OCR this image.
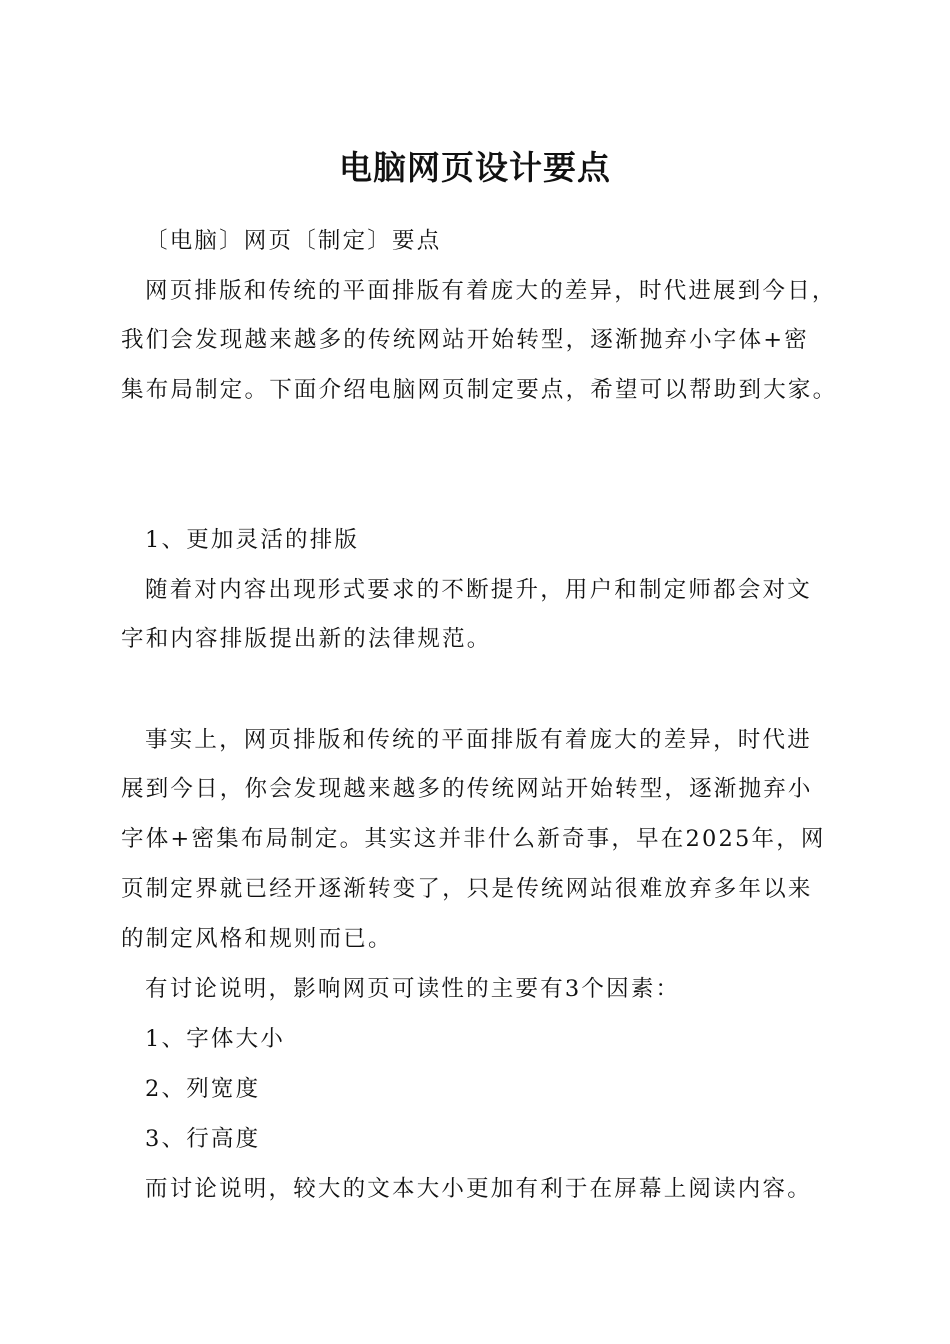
电脑网页设计要点
〔电脑〕网页〔制定〕要点
网页排版和传统的平面排版有着庞大的差异，时代进展到今日，
我们会发现越来越多的传统网站开始转型，逐渐抛弃小字体+密
集布局制定。下面介绍电脑网页制定要点，希望可以帮助到大家。
1、更加灵活的排版
随着对内容出现形式要求的不断提升，用户和制定师都会对文
字和内容排版提出新的法律规范。
事实上，网页排版和传统的平面排版有着庞大的差异，时代进
展到今日，你会发现越来越多的传统网站开始转型，逐渐抛弃小
字体+密集布局制定。其实这并非什么新奇事，早在2025年，网
页制定界就已经开逐渐转变了，只是传统网站很难放弃多年以来
的制定风格和规则而已。
有讨论说明，影响网页可读性的主要有3个因素：
1、字体大小
2、列宽度
3、行高度
而讨论说明，较大的文本大小更加有利于在屏幕上阅读内容。
